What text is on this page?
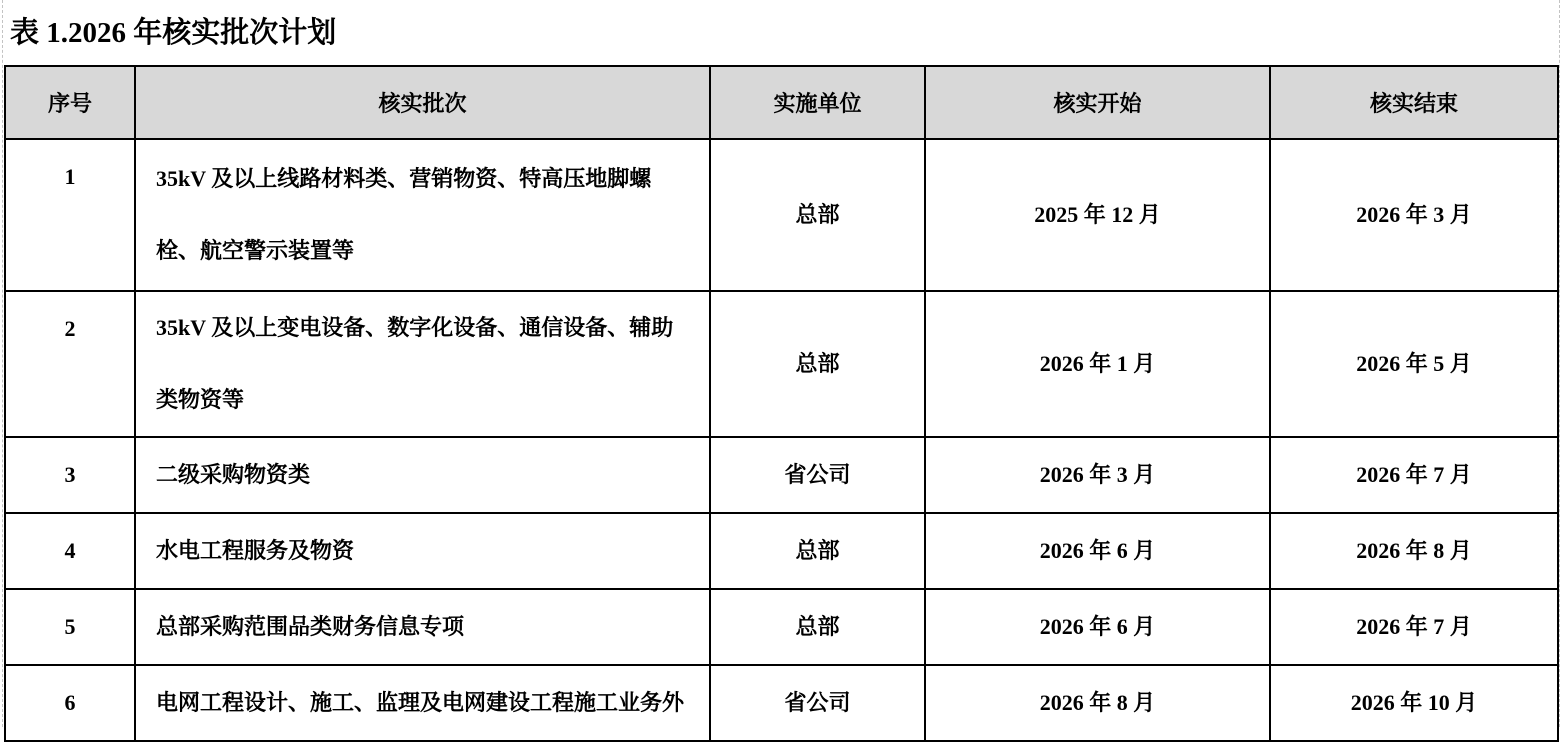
表 1.2026 年核实批次计划
序号	核实批次	实施单位	核实开始	核实结束
1	35kV 及以上线路材料类、营销物资、特高压地脚螺栓、航空警示装置等	总部	2025 年 12 月	2026 年 3 月
2	35kV 及以上变电设备、数字化设备、通信设备、辅助类物资等	总部	2026 年 1 月	2026 年 5 月
3	二级采购物资类	省公司	2026 年 3 月	2026 年 7 月
4	水电工程服务及物资	总部	2026 年 6 月	2026 年 8 月
5	总部采购范围品类财务信息专项	总部	2026 年 6 月	2026 年 7 月
6	电网工程设计、施工、监理及电网建设工程施工业务外	省公司	2026 年 8 月	2026 年 10 月
